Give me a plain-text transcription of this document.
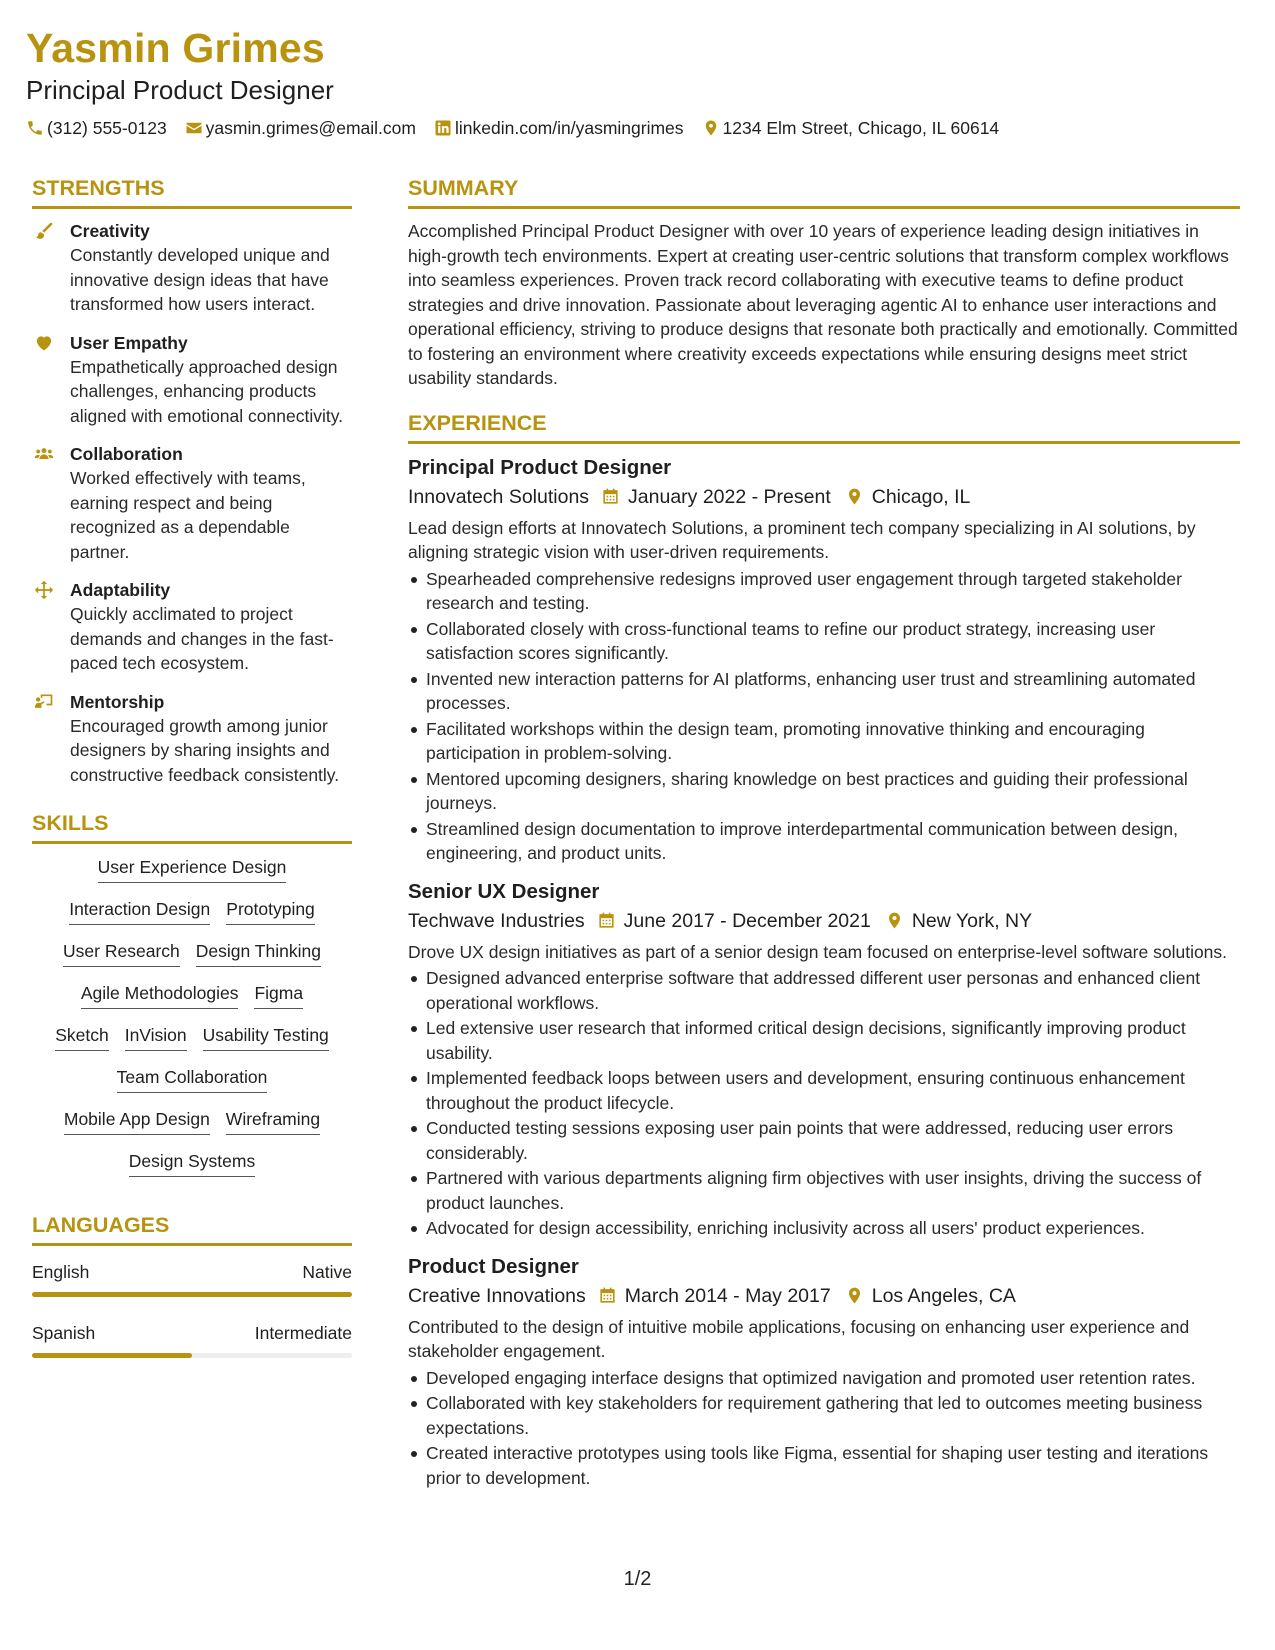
Yasmin Grimes
Principal Product Designer
(312) 555-0123 yasmin.grimes@email.com linkedin.com/in/yasmingrimes 1234 Elm Street, Chicago, IL 60614
STRENGTHS
Creativity
Constantly developed unique and innovative design ideas that have transformed how users interact.
User Empathy
Empathetically approached design challenges, enhancing products aligned with emotional connectivity.
Collaboration
Worked effectively with teams, earning respect and being recognized as a dependable partner.
Adaptability
Quickly acclimated to project demands and changes in the fast-paced tech ecosystem.
Mentorship
Encouraged growth among junior designers by sharing insights and constructive feedback consistently.
SKILLS
User Experience Design
Interaction Design Prototyping
User Research Design Thinking
Agile Methodologies Figma
Sketch InVision Usability Testing
Team Collaboration
Mobile App Design Wireframing
Design Systems
LANGUAGES
English	Native
Spanish	Intermediate
SUMMARY
Accomplished Principal Product Designer with over 10 years of experience leading design initiatives in high-growth tech environments. Expert at creating user-centric solutions that transform complex workflows into seamless experiences. Proven track record collaborating with executive teams to define product strategies and drive innovation. Passionate about leveraging agentic AI to enhance user interactions and operational efficiency, striving to produce designs that resonate both practically and emotionally. Committed to fostering an environment where creativity exceeds expectations while ensuring designs meet strict usability standards.
EXPERIENCE
Principal Product Designer
Innovatech Solutions January 2022 - Present Chicago, IL
Lead design efforts at Innovatech Solutions, a prominent tech company specializing in AI solutions, by aligning strategic vision with user-driven requirements.
Spearheaded comprehensive redesigns improved user engagement through targeted stakeholder research and testing.
Collaborated closely with cross-functional teams to refine our product strategy, increasing user satisfaction scores significantly.
Invented new interaction patterns for AI platforms, enhancing user trust and streamlining automated processes.
Facilitated workshops within the design team, promoting innovative thinking and encouraging participation in problem-solving.
Mentored upcoming designers, sharing knowledge on best practices and guiding their professional journeys.
Streamlined design documentation to improve interdepartmental communication between design, engineering, and product units.
Senior UX Designer
Techwave Industries June 2017 - December 2021 New York, NY
Drove UX design initiatives as part of a senior design team focused on enterprise-level software solutions.
Designed advanced enterprise software that addressed different user personas and enhanced client operational workflows.
Led extensive user research that informed critical design decisions, significantly improving product usability.
Implemented feedback loops between users and development, ensuring continuous enhancement throughout the product lifecycle.
Conducted testing sessions exposing user pain points that were addressed, reducing user errors considerably.
Partnered with various departments aligning firm objectives with user insights, driving the success of product launches.
Advocated for design accessibility, enriching inclusivity across all users' product experiences.
Product Designer
Creative Innovations March 2014 - May 2017 Los Angeles, CA
Contributed to the design of intuitive mobile applications, focusing on enhancing user experience and stakeholder engagement.
Developed engaging interface designs that optimized navigation and promoted user retention rates.
Collaborated with key stakeholders for requirement gathering that led to outcomes meeting business expectations.
Created interactive prototypes using tools like Figma, essential for shaping user testing and iterations prior to development.
1/2
